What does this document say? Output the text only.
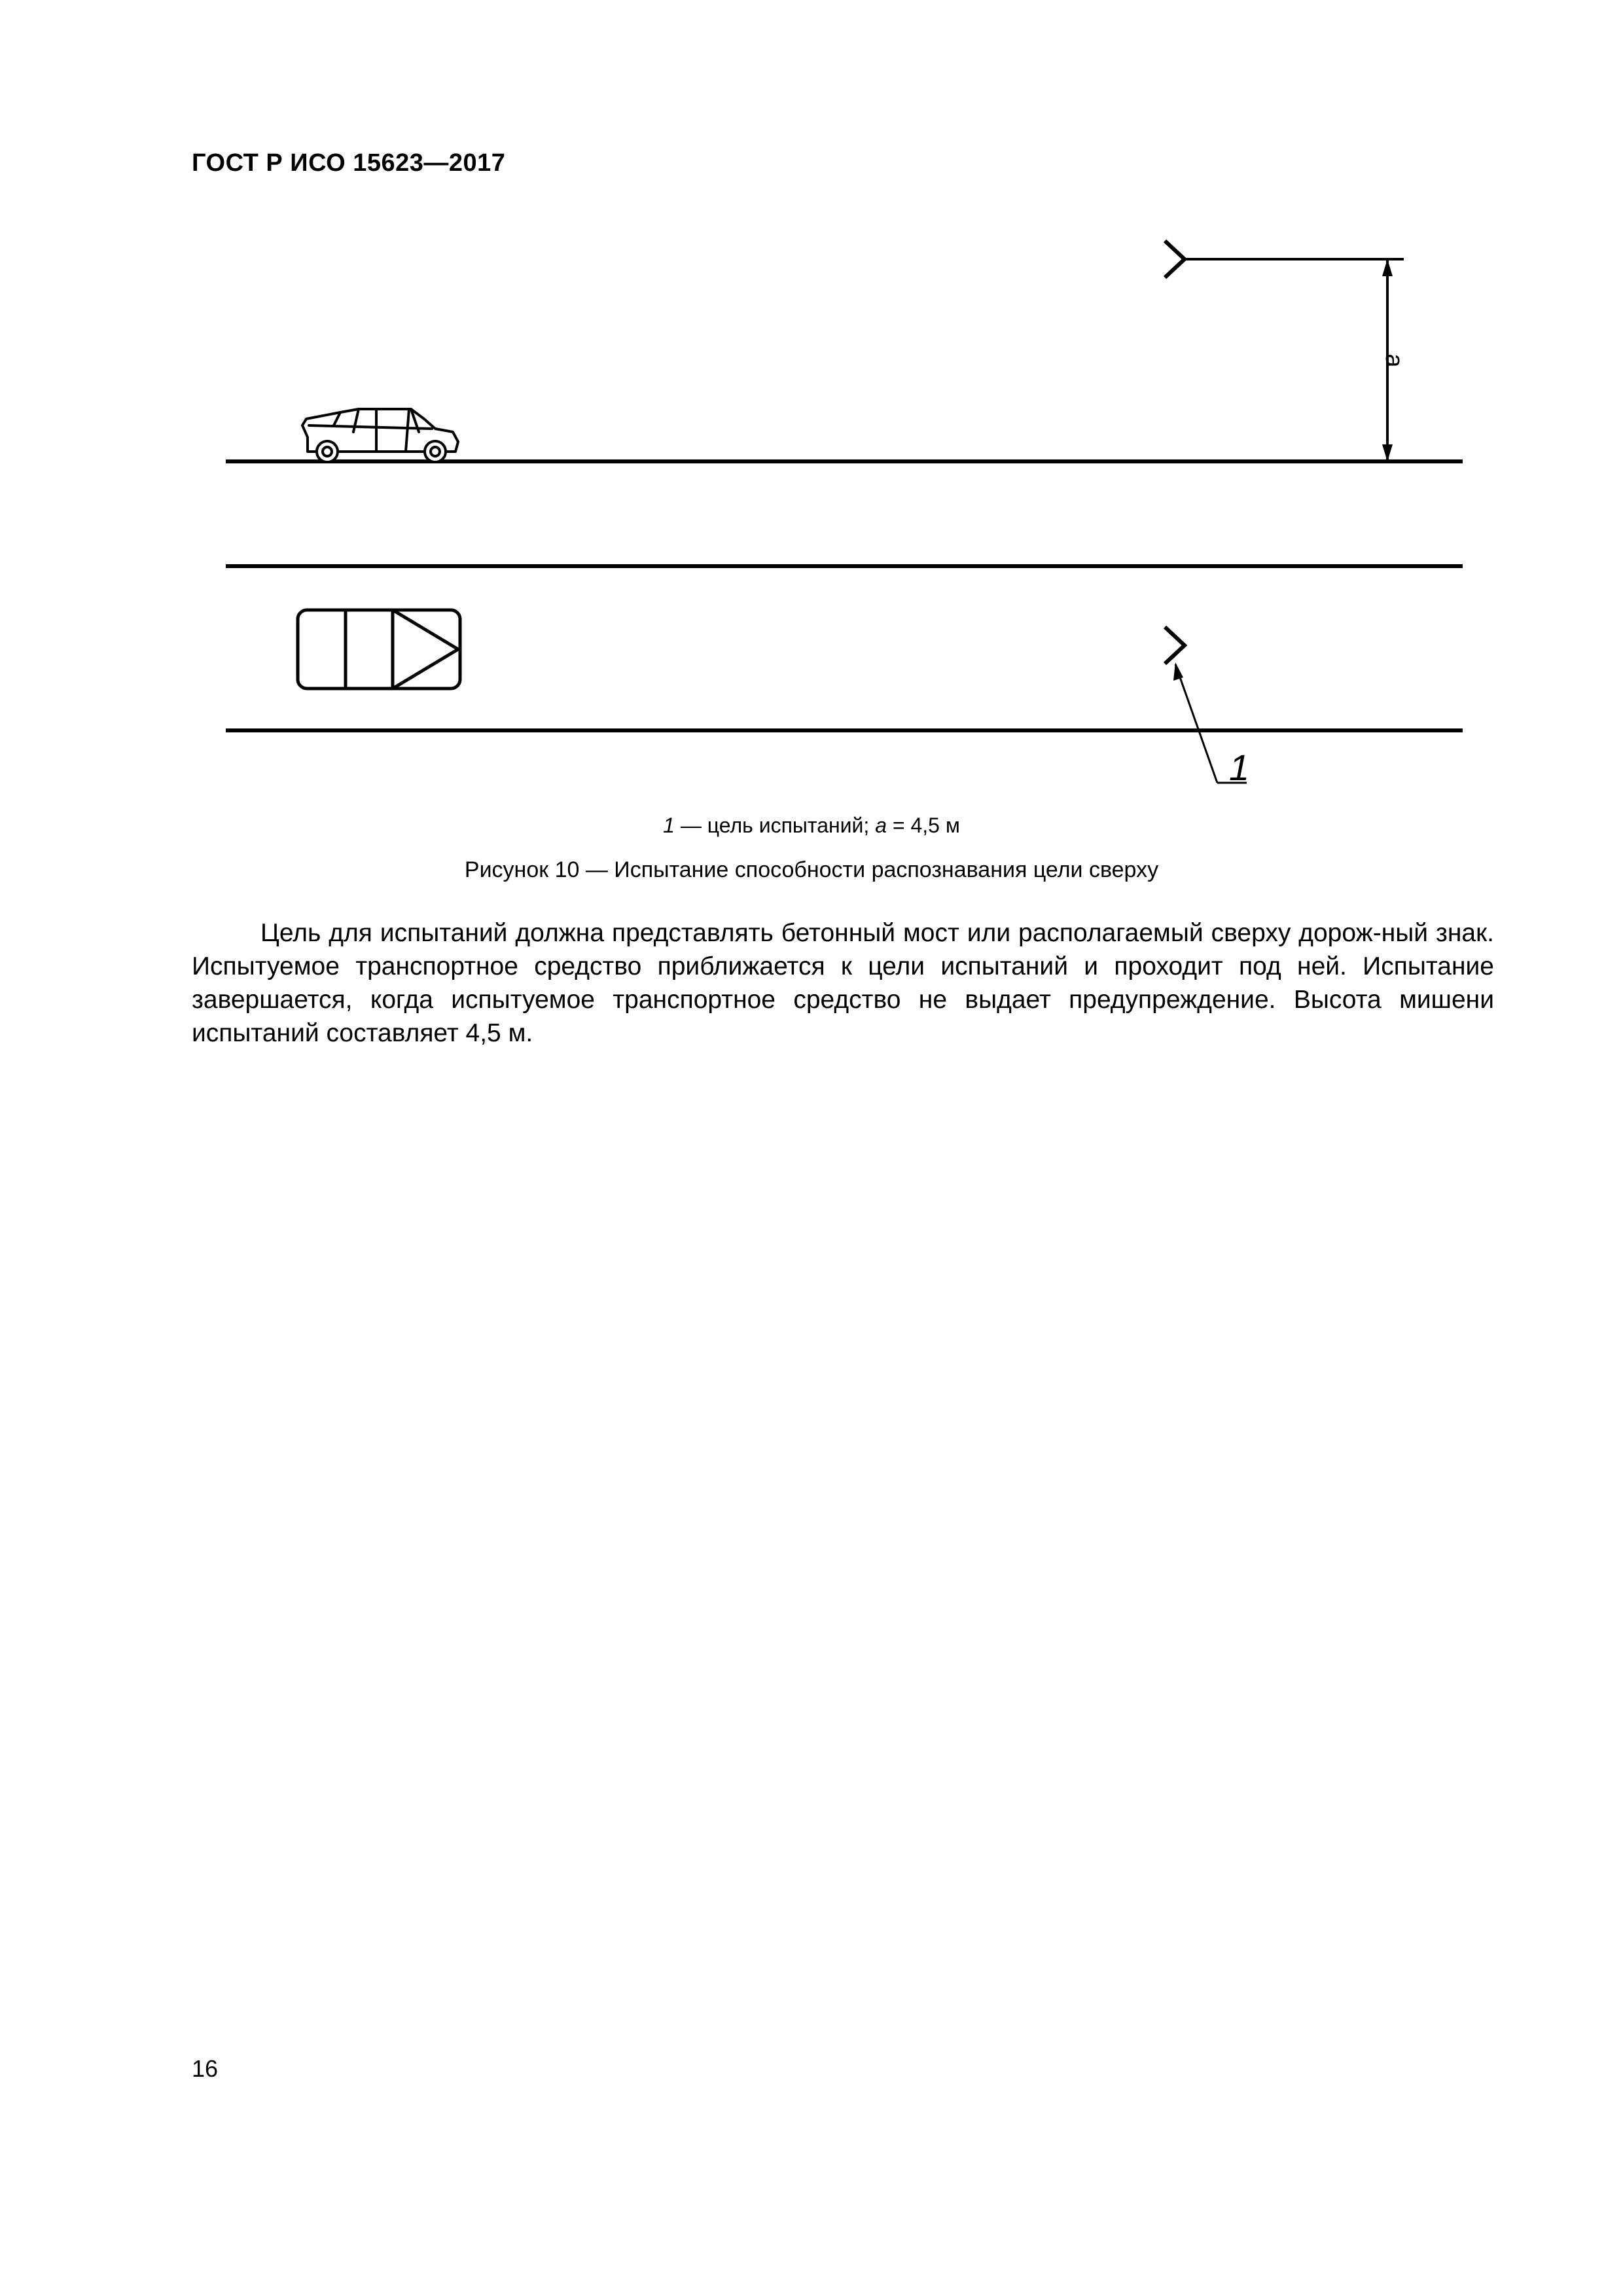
ГОСТ Р ИСО 15623—2017
a
1
1 — цель испытаний; a = 4,5 м
Рисунок 10 — Испытание способности распознавания цели сверху
Цель для испытаний должна представлять бетонный мост или располагаемый сверху дорож-ный знак. Испытуемое транспортное средство приближается к цели испытаний и проходит под ней. Испытание завершается, когда испытуемое транспортное средство не выдает предупреждение. Высота мишени испытаний составляет 4,5 м.
16
